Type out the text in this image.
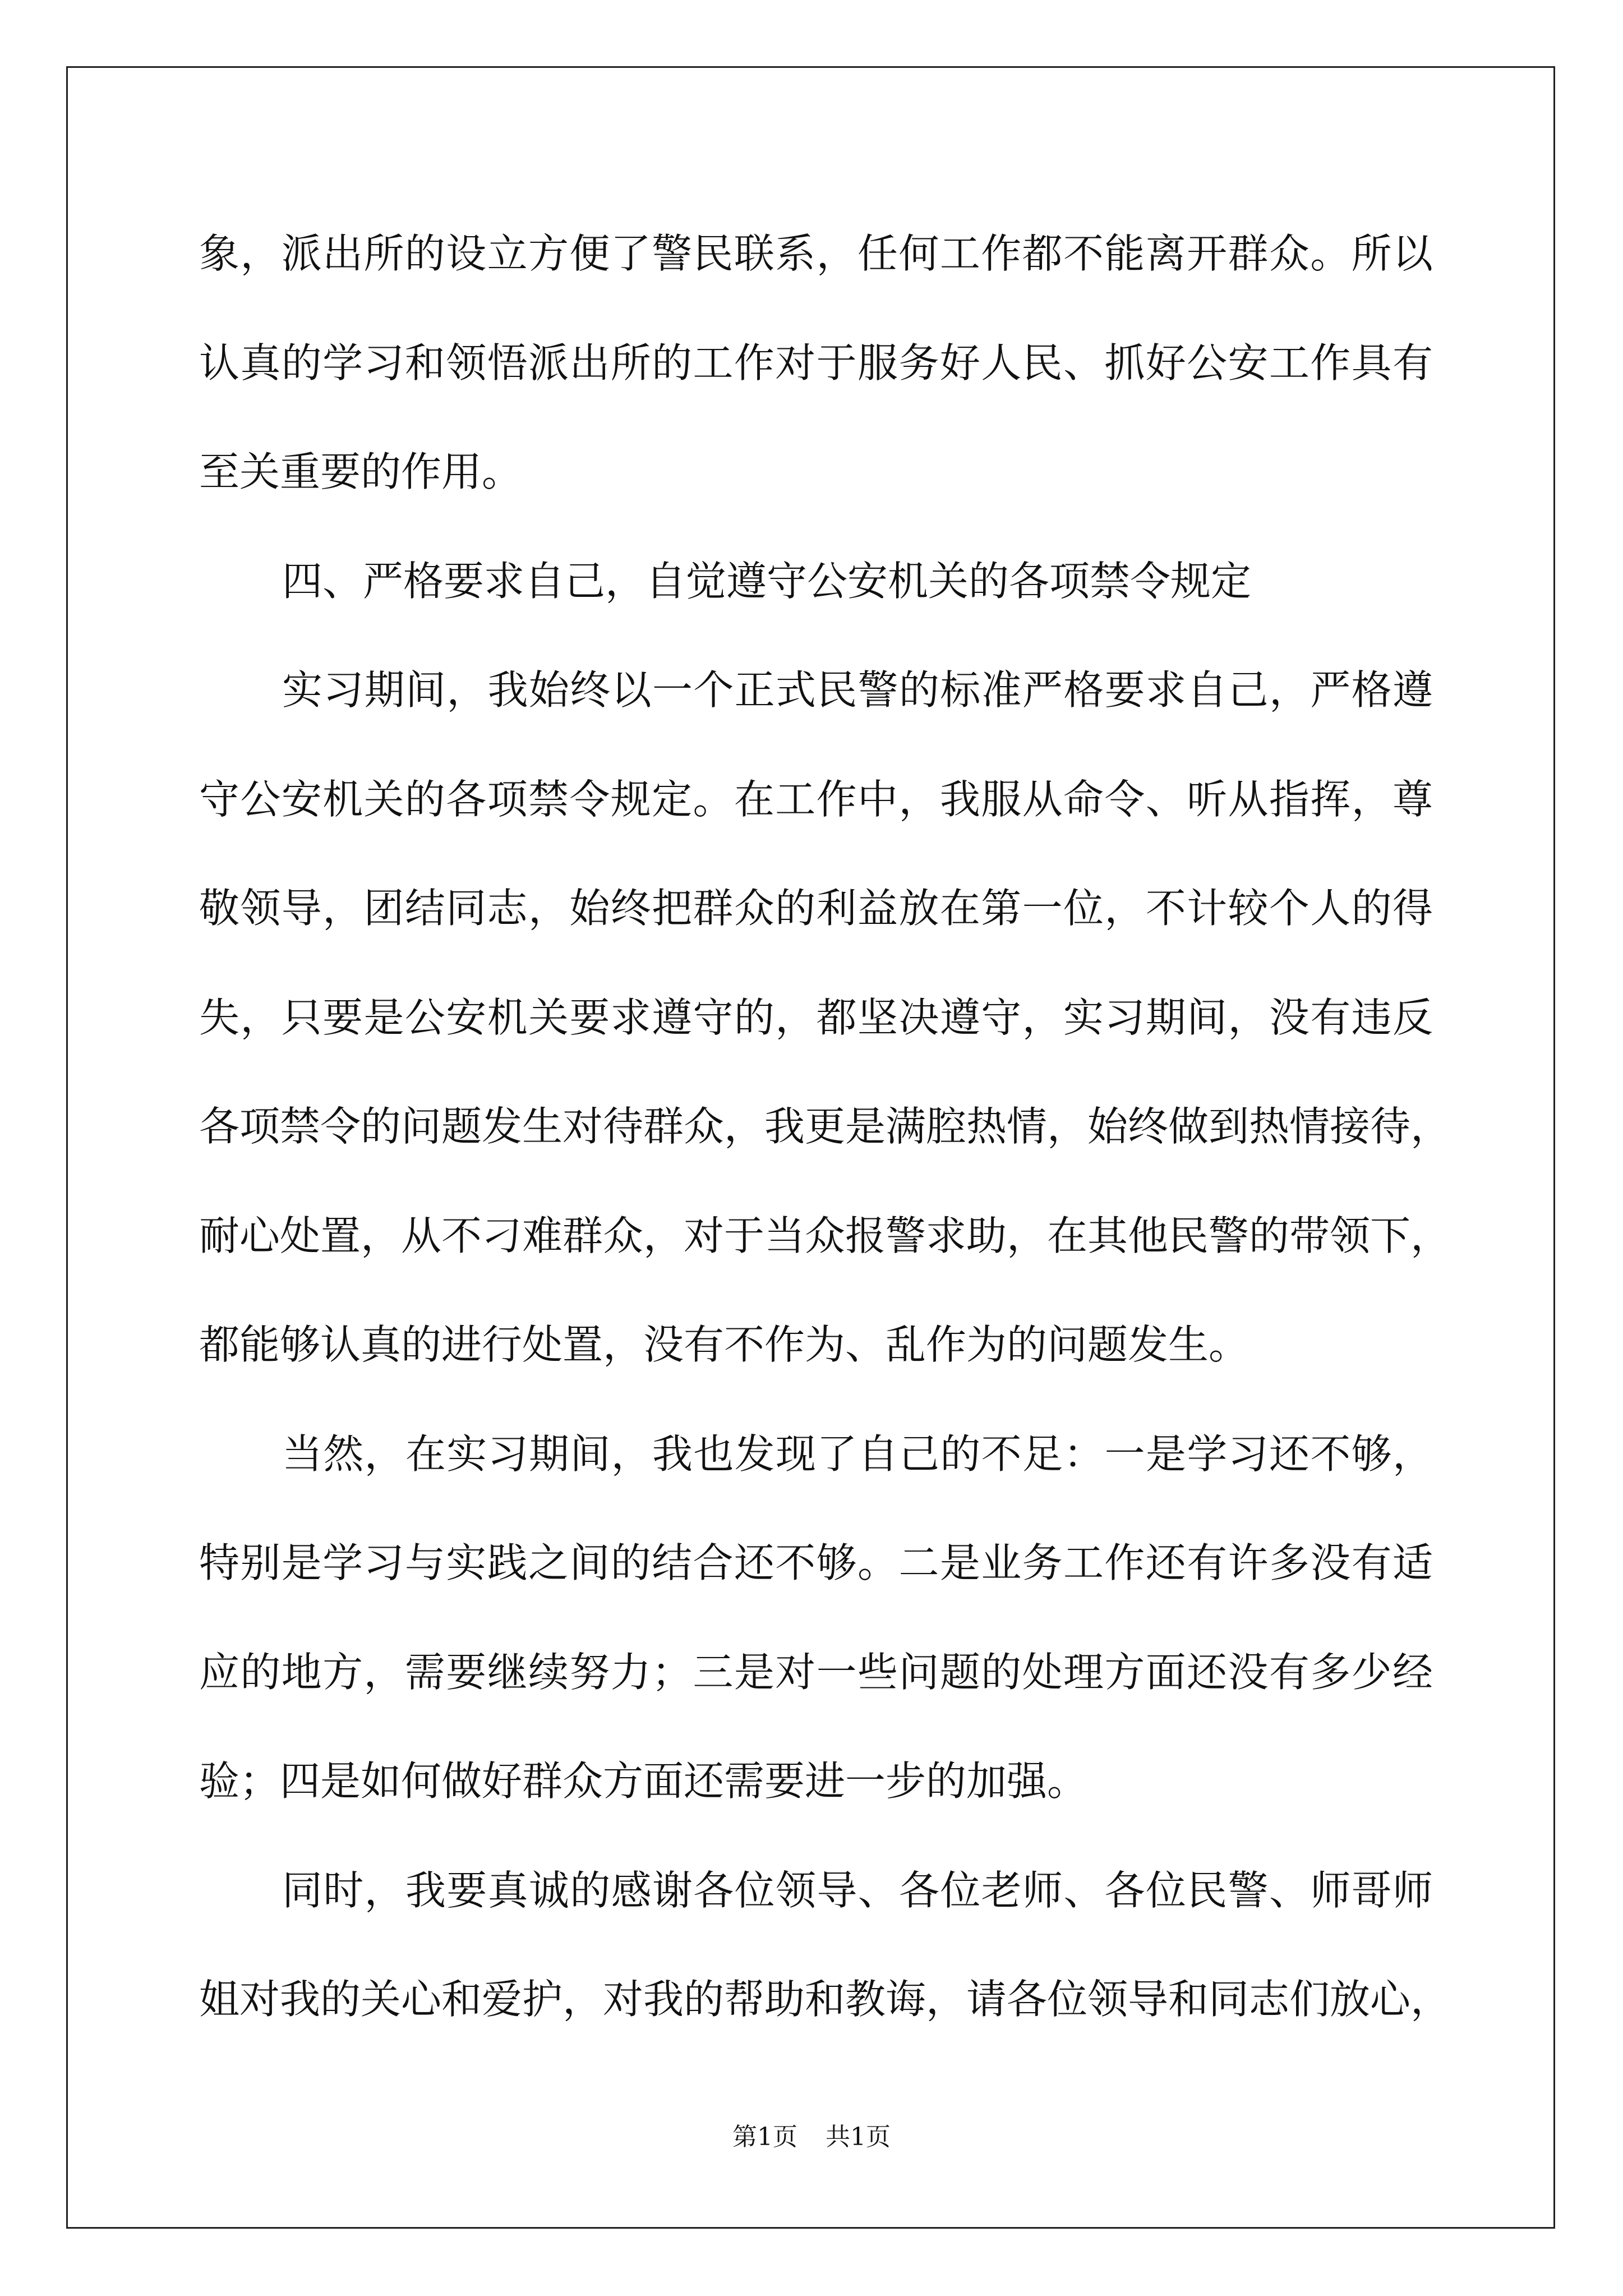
象，派出所的设立方便了警民联系，任何工作都不能离开群众。所以
认真的学习和领悟派出所的工作对于服务好人民、抓好公安工作具有
至关重要的作用。
四、严格要求自己，自觉遵守公安机关的各项禁令规定
实习期间，我始终以一个正式民警的标准严格要求自己，严格遵
守公安机关的各项禁令规定。在工作中，我服从命令、听从指挥，尊
敬领导，团结同志，始终把群众的利益放在第一位，不计较个人的得
失，只要是公安机关要求遵守的，都坚决遵守，实习期间，没有违反
各项禁令的问题发生对待群众，我更是满腔热情，始终做到热情接待，
耐心处置，从不刁难群众，对于当众报警求助，在其他民警的带领下，
都能够认真的进行处置，没有不作为、乱作为的问题发生。
当然，在实习期间，我也发现了自己的不足：一是学习还不够，
特别是学习与实践之间的结合还不够。二是业务工作还有许多没有适
应的地方，需要继续努力；三是对一些问题的处理方面还没有多少经
验；四是如何做好群众方面还需要进一步的加强。
同时，我要真诚的感谢各位领导、各位老师、各位民警、师哥师
姐对我的关心和爱护，对我的帮助和教诲，请各位领导和同志们放心，
第1页 共1页
